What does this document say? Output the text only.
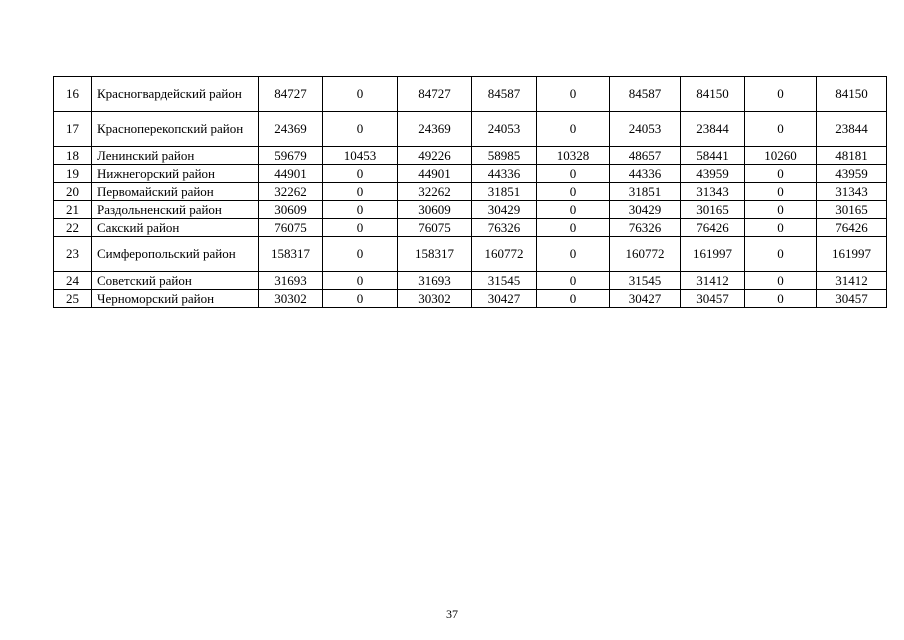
16	Красногвардейский район	84727	0	84727	84587	0	84587	84150	0	84150
17	Красноперекопский район	24369	0	24369	24053	0	24053	23844	0	23844
18	Ленинский район	59679	10453	49226	58985	10328	48657	58441	10260	48181
19	Нижнегорский район	44901	0	44901	44336	0	44336	43959	0	43959
20	Первомайский район	32262	0	32262	31851	0	31851	31343	0	31343
21	Раздольненский район	30609	0	30609	30429	0	30429	30165	0	30165
22	Сакский район	76075	0	76075	76326	0	76326	76426	0	76426
23	Симферопольский район	158317	0	158317	160772	0	160772	161997	0	161997
24	Советский район	31693	0	31693	31545	0	31545	31412	0	31412
25	Черноморский район	30302	0	30302	30427	0	30427	30457	0	30457
37
